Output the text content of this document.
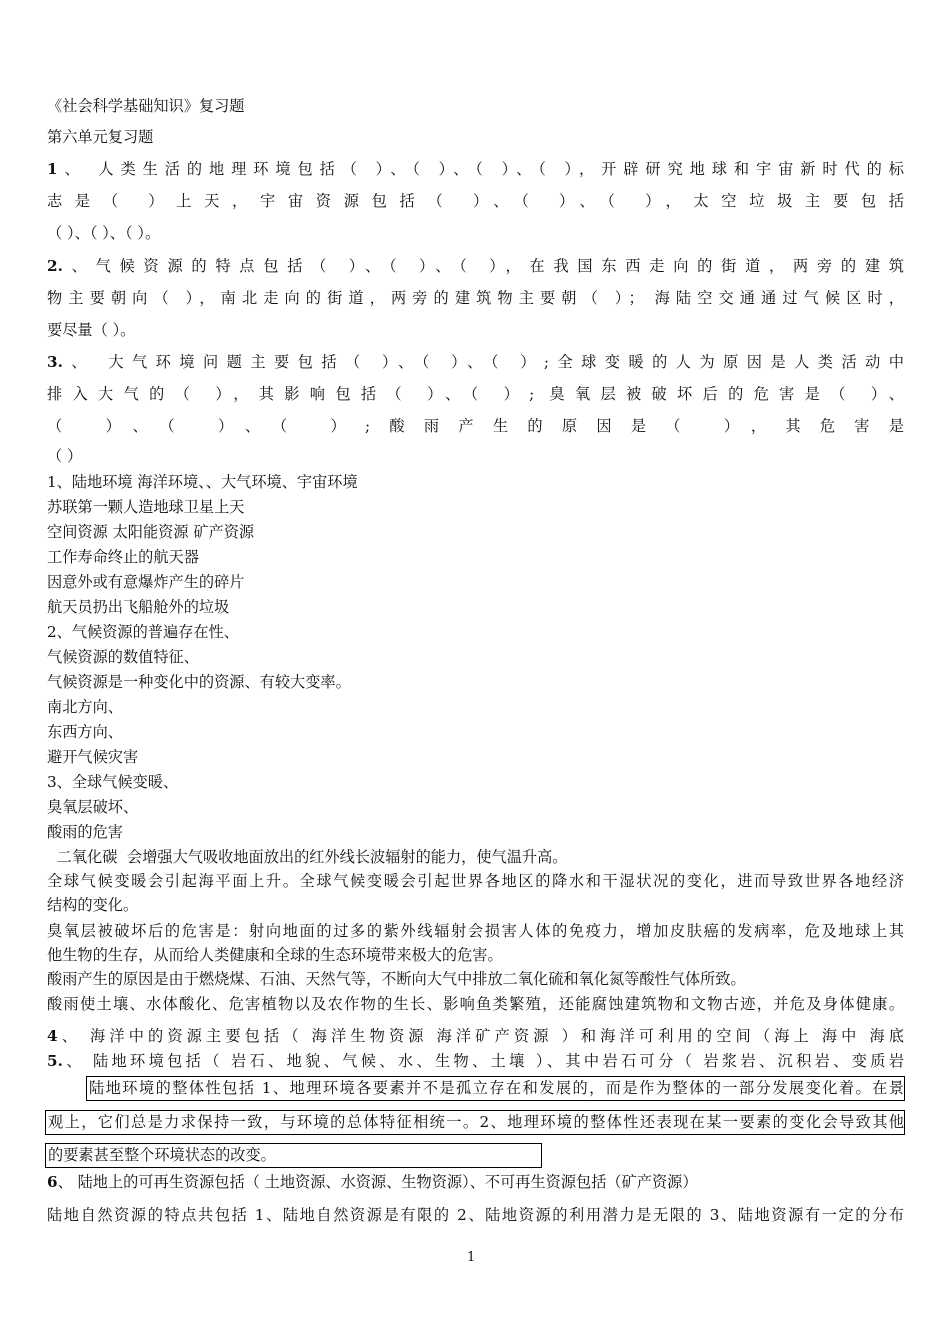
《社会科学基础知识》复习题
第六单元复习题
1、 人类生活的地理环境包括（ ）、（ ）、（ ）、（ ），开辟研究地球和宇宙新时代的标
志是（ ）上天，宇宙资源包括（ ）、（ ）、（ ），太空垃圾主要包括
（ ）、（ ）、（ ）。
2.、气候资源的特点包括（ ）、（ ）、（ ），在我国东西走向的街道，两旁的建筑
物主要朝向（ ），南北走向的街道，两旁的建筑物主要朝（ ）； 海陆空交通通过气候区时，
要尽量（ ）。
3.、 大气环境问题主要包括（ ）、（ ）、（ ）;全球变暖的人为原因是人类活动中
排入大气的（ ），其影响包括（ ）、（ ）; 臭氧层被破坏后的危害是（ ）、
（ ）、（ ）、（ ）;酸雨产生的原因是（ ），其危害是
（ ）
1、陆地环境 海洋环境、、大气环境、宇宙环境
苏联第一颗人造地球卫星上天
空间资源 太阳能资源 矿产资源
工作寿命终止的航天器
因意外或有意爆炸产生的碎片
航天员扔出飞船舱外的垃圾
2、气候资源的普遍存在性、
气候资源的数值特征、
气候资源是一种变化中的资源、有较大变率。
南北方向、
东西方向、
避开气候灾害
3、全球气候变暖、
臭氧层破坏、
酸雨的危害
二氧化碳  会增强大气吸收地面放出的红外线长波辐射的能力，使气温升高。
全球气候变暖会引起海平面上升。全球气候变暖会引起世界各地区的降水和干湿状况的变化，进而导致世界各地经济
结构的变化。
臭氧层被破坏后的危害是：射向地面的过多的紫外线辐射会损害人体的免疫力，增加皮肤癌的发病率，危及地球上其
他生物的生存，从而给人类健康和全球的生态环境带来极大的危害。
酸雨产生的原因是由于燃烧煤、石油、天然气等，不断向大气中排放二氧化硫和氧化氮等酸性气体所致。
酸雨使土壤、水体酸化、危害植物以及农作物的生长、影响鱼类繁殖，还能腐蚀建筑物和文物古迹，并危及身体健康。
4、 海洋中的资源主要包括（ 海洋生物资源 海洋矿产资源 ）和海洋可利用的空间（海上 海中 海底
5.、 陆地环境包括（ 岩石、地貌、气候、水、生物、土壤 ）、其中岩石可分（ 岩浆岩、沉积岩、变质岩
陆地环境的整体性包括 1、地理环境各要素并不是孤立存在和发展的，而是作为整体的一部分发展变化着。在景
观上，它们总是力求保持一致，与环境的总体特征相统一。2、地理环境的整体性还表现在某一要素的变化会导致其他
的要素甚至整个环境状态的改变。
6、 陆地上的可再生资源包括（ 土地资源、水资源、生物资源）、不可再生资源包括（矿产资源）
陆地自然资源的特点共包括 1、陆地自然资源是有限的 2、陆地资源的利用潜力是无限的 3、陆地资源有一定的分布
1
